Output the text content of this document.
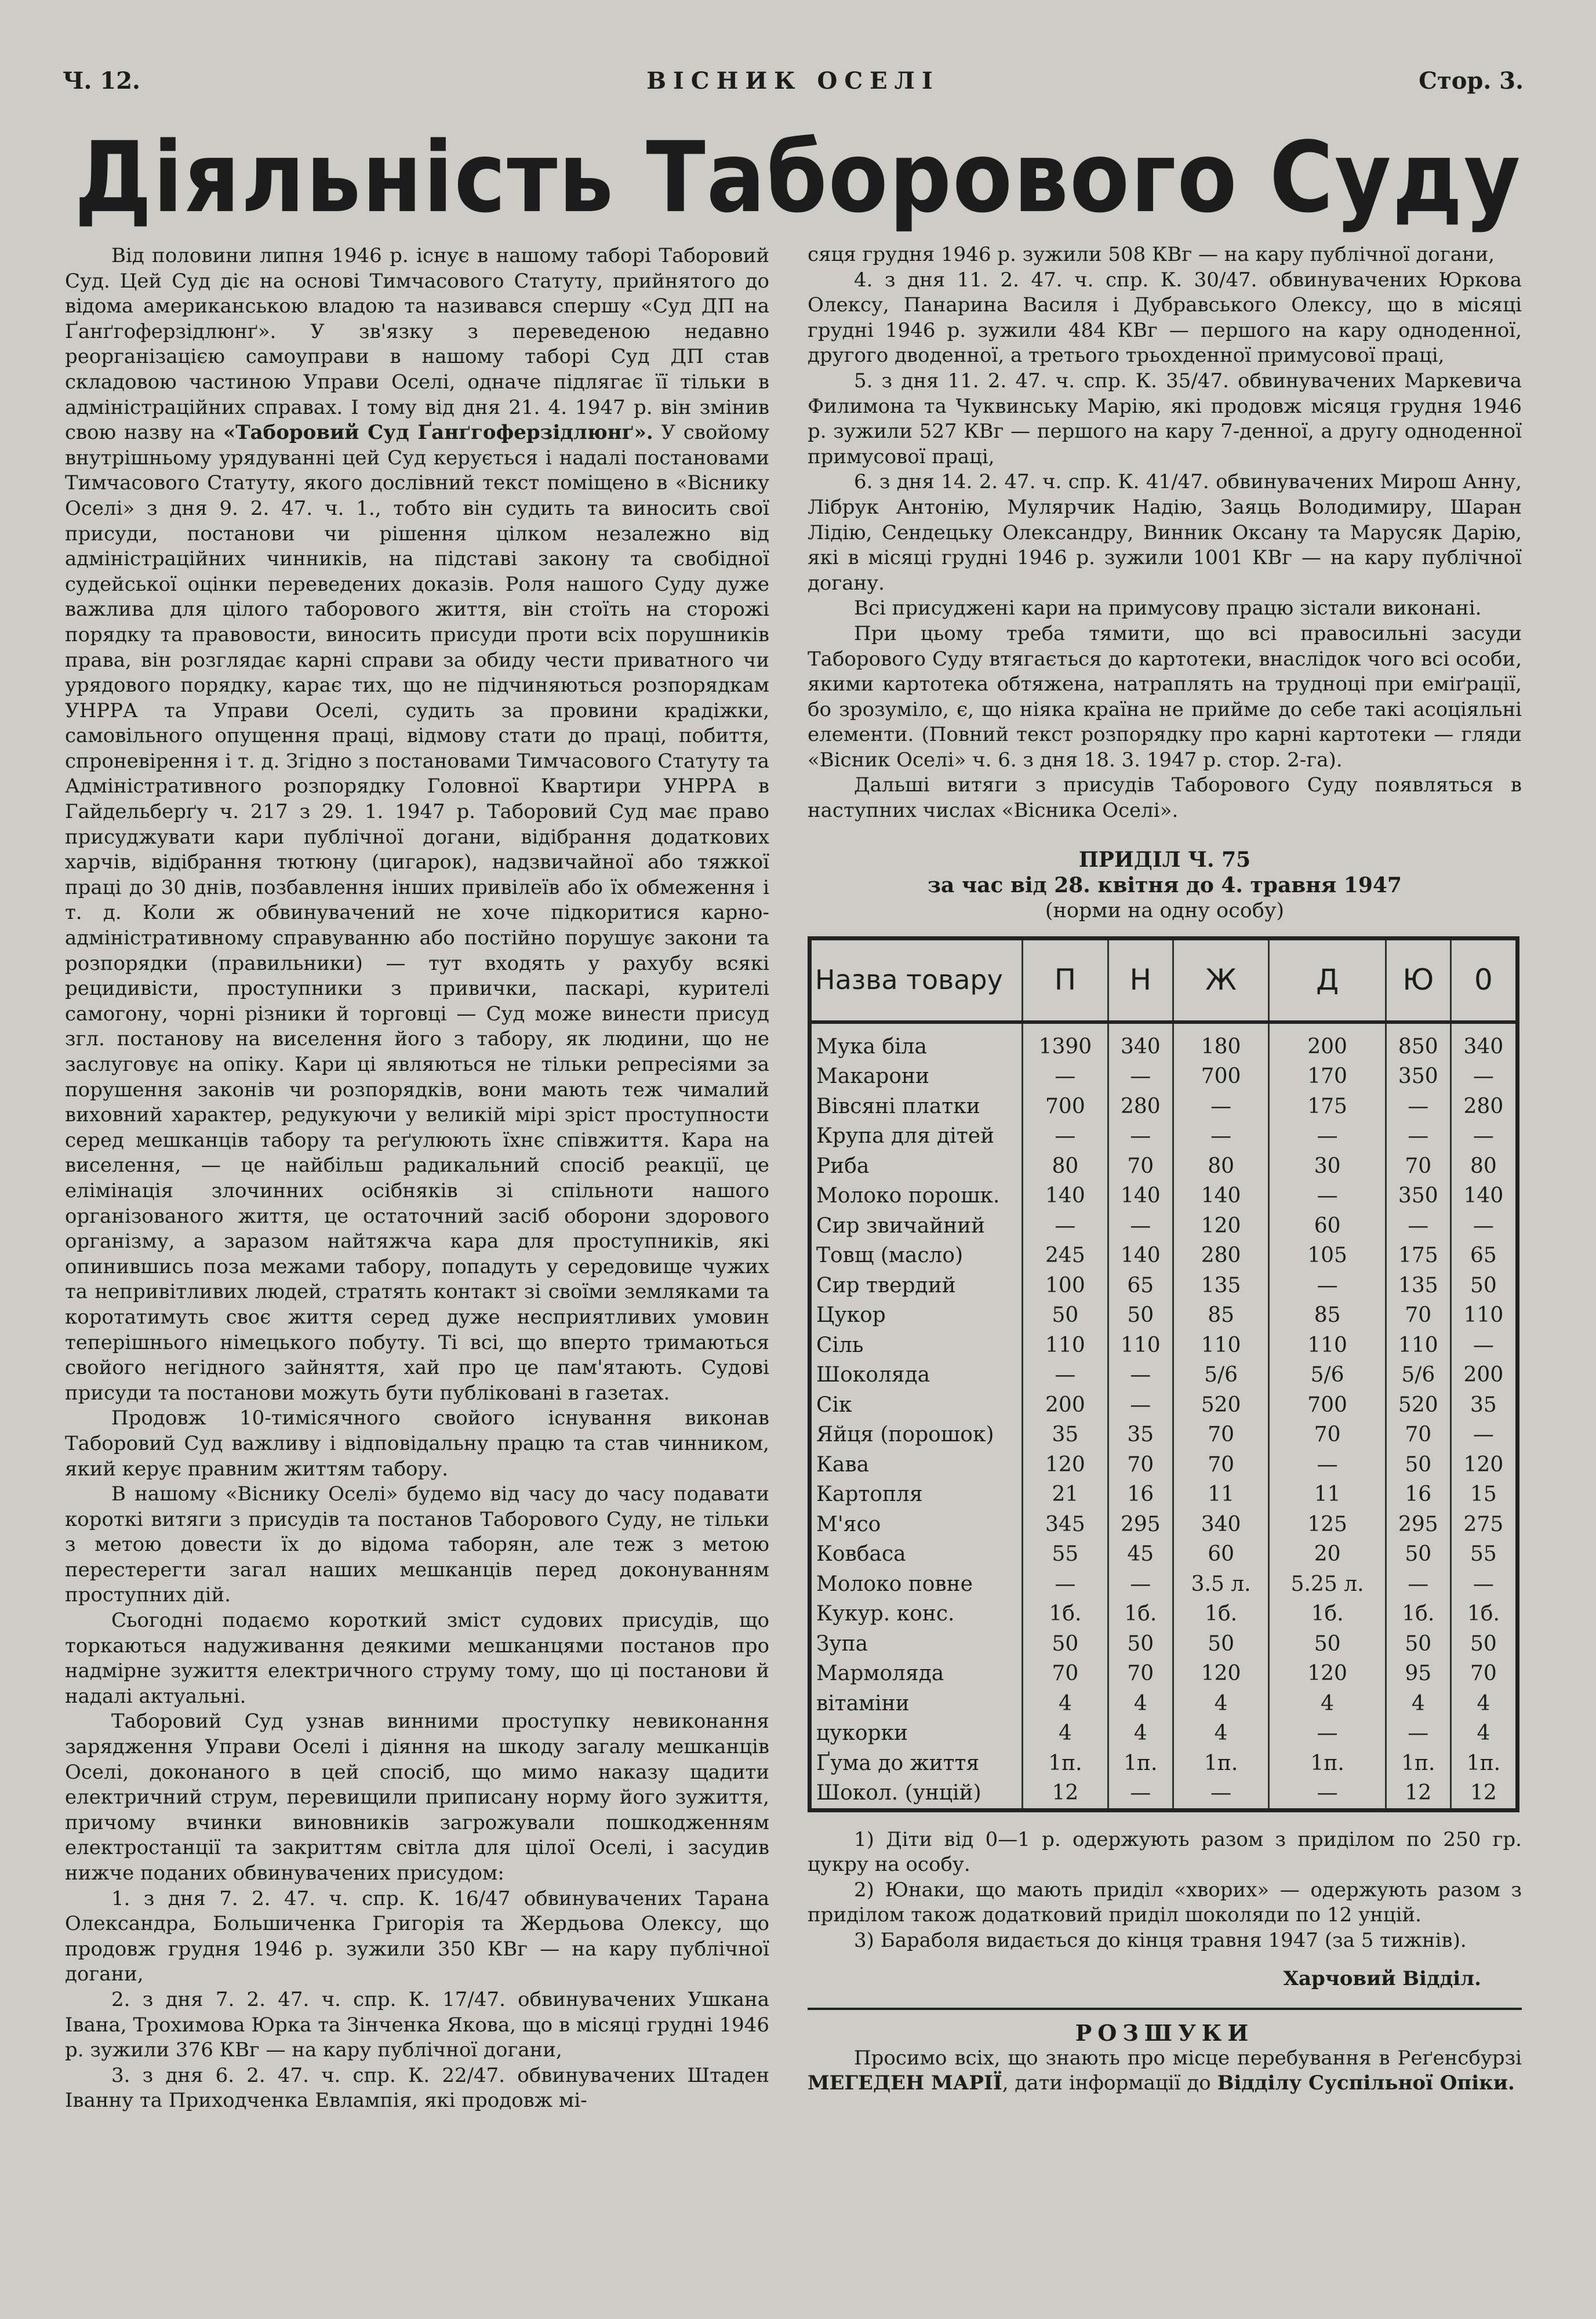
Ч. 12.	ВІСНИК ОСЕЛІ	Стор. 3.
Діяльність Таборового Суду

Від половини липня 1946 р. існує в нашому таборі Таборовий Суд. Цей Суд діє на основі Тимчасового Статуту, прийнятого до відома американською владою та називався спершу «Суд ДП на Ґанґгоферзідлюнґ». У зв'язку з переведеною недавно реорганізацією самоуправи в нашому таборі Суд ДП став складовою частиною Управи Оселі, одначе підлягає її тільки в адміністраційних справах. І тому від дня 21. 4. 1947 р. він змінив свою назву на «Таборовий Суд Ґанґгоферзідлюнґ». У свойому внутрішньому урядуванні цей Суд керується і надалі постановами Тимчасового Статуту, якого дослівний текст поміщено в «Віснику Оселі» з дня 9. 2. 47. ч. 1., тобто він судить та виносить свої присуди, постанови чи рішення цілком незалежно від адміністраційних чинників, на підставі закону та свобідної судейської оцінки переведених доказів. Роля нашого Суду дуже важлива для цілого таборового життя, він стоїть на сторожі порядку та правовости, виносить присуди проти всіх порушників права, він розглядає карні справи за обиду чести приватного чи урядового порядку, карає тих, що не підчиняються розпорядкам УНРРА та Управи Оселі, судить за провини крадіжки, самовільного опущення праці, відмову стати до праці, побиття, спроневірення і т. д. Згідно з постановами Тимчасового Статуту та Адміністративного розпорядку Головної Квартири УНРРА в Гайдельберґу ч. 217 з 29. 1. 1947 р. Таборовий Суд має право присуджувати кари публічної догани, відібрання додаткових харчів, відібрання тютюну (цигарок), надзвичайної або тяжкої праці до 30 днів, позбавлення інших привілеїв або їх обмеження і т. д. Коли ж обвинувачений не хоче підкоритися карно-адміністративному справуванню або постійно порушує закони та розпорядки (правильники) — тут входять у рахубу всякі рецидивісти, проступники з привички, паскарі, курителі самогону, чорні різники й торговці — Суд може винести присуд згл. постанову на виселення його з табору, як людини, що не заслуговує на опіку. Кари ці являються не тільки репресіями за порушення законів чи розпорядків, вони мають теж чималий виховний характер, редукуючи у великій мірі зріст проступности серед мешканців табору та реґулюють їхнє співжиття. Кара на виселення, — це найбільш радикальний спосіб реакції, це елімінація злочинних осібняків зі спільноти нашого організованого життя, це остаточний засіб оборони здорового організму, а заразом найтяжча кара для проступників, які опинившись поза межами табору, попадуть у середовище чужих та непривітливих людей, стратять контакт зі своїми земляками та коротатимуть своє життя серед дуже несприятливих умовин теперішнього німецького побуту. Ті всі, що вперто тримаються свойого негідного зайняття, хай про це пам'ятають. Судові присуди та постанови можуть бути публіковані в газетах.

Продовж 10-тимісячного свойого існування виконав Таборовий Суд важливу і відповідальну працю та став чинником, який керує правним життям табору.

В нашому «Віснику Оселі» будемо від часу до часу подавати короткі витяги з присудів та постанов Таборового Суду, не тільки з метою довести їх до відома таборян, але теж з метою перестерегти загал наших мешканців перед доконуванням проступних дій.

Сьогодні подаємо короткий зміст судових присудів, що торкаються надуживання деякими мешканцями постанов про надмірне зужиття електричного струму тому, що ці постанови й надалі актуальні.

Таборовий Суд узнав винними проступку невиконання зарядження Управи Оселі і діяння на шкоду загалу мешканців Оселі, доконаного в цей спосіб, що мимо наказу щадити електричний струм, перевищили приписану норму його зужиття, причому вчинки виновників загрожували пошкодженням електростанції та закриттям світла для цілої Оселі, і засудив нижче поданих обвинувачених присудом:

1. з дня 7. 2. 47. ч. спр. К. 16/47 обвинувачених Тарана Олександра, Большиченка Григорія та Жердьова Олексу, що продовж грудня 1946 р. зужили 350 КВг — на кару публічної догани,

2. з дня 7. 2. 47. ч. спр. К. 17/47. обвинувачених Ушкана Івана, Трохимова Юрка та Зінченка Якова, що в місяці грудні 1946 р. зужили 376 КВг — на кару публічної догани,

3. з дня 6. 2. 47. ч. спр. К. 22/47. обвинувачених Штаден Іванну та Приходченка Евлампія, які продовж мі-

сяця грудня 1946 р. зужили 508 КВг — на кару публічної догани,

4. з дня 11. 2. 47. ч. спр. К. 30/47. обвинувачених Юркова Олексу, Панарина Василя і Дубравського Олексу, що в місяці грудні 1946 р. зужили 484 КВг — першого на кару одноденної, другого дводенної, а третього трьохденної примусової праці,

5. з дня 11. 2. 47. ч. спр. К. 35/47. обвинувачених Маркевича Филимона та Чуквинську Марію, які продовж місяця грудня 1946 р. зужили 527 КВг — першого на кару 7-денної, а другу одноденної примусової праці,

6. з дня 14. 2. 47. ч. спр. К. 41/47. обвинувачених Мирош Анну, Лібрук Антонію, Мулярчик Надію, Заяць Володимиру, Шаран Лідію, Сендецьку Олександру, Винник Оксану та Марусяк Дарію, які в місяці грудні 1946 р. зужили 1001 КВг — на кару публічної догану.

Всі присуджені кари на примусову працю зістали виконані.

При цьому треба тямити, що всі правосильні засуди Таборового Суду втягається до картотеки, внаслідок чого всі особи, якими картотека обтяжена, натраплять на трудноці при еміґрації, бо зрозуміло, є, що ніяка країна не прийме до себе такі асоціяльні елементи. (Повний текст розпорядку про карні картотеки — гляди «Вісник Оселі» ч. 6. з дня 18. 3. 1947 р. стор. 2-га).

Дальші витяги з присудів Таборового Суду появляться в наступних числах «Вісника Оселі».

ПРИДІЛ Ч. 75
за час від 28. квітня до 4. травня 1947
(норми на одну особу)
Назва товару	П	Н	Ж	Д	Ю	0
Мука біла	1390	340	180	200	850	340
Макарони	—	—	700	170	350	—
Вівсяні платки	700	280	—	175	—	280
Крупа для дітей	—	—	—	—	—	—
Риба	80	70	80	30	70	80
Молоко порошк.	140	140	140	—	350	140
Сир звичайний	—	—	120	60	—	—
Товщ (масло)	245	140	280	105	175	65
Сир твердий	100	65	135	—	135	50
Цукор	50	50	85	85	70	110
Сіль	110	110	110	110	110	—
Шоколяда	—	—	5/6	5/6	5/6	200
Сік	200	—	520	700	520	35
Яйця (порошок)	35	35	70	70	70	—
Кава	120	70	70	—	50	120
Картопля	21	16	11	11	16	15
М'ясо	345	295	340	125	295	275
Ковбаса	55	45	60	20	50	55
Молоко повне	—	—	3.5 л.	5.25 л.	—	—
Кукур. конс.	1б.	1б.	1б.	1б.	1б.	1б.
Зупа	50	50	50	50	50	50
Мармоляда	70	70	120	120	95	70
вітаміни	4	4	4	4	4	4
цукорки	4	4	4	—	—	4
Ґума до життя	1п.	1п.	1п.	1п.	1п.	1п.
Шокол. (унцій)	12	—	—	—	12	12

1) Діти від 0—1 р. одержують разом з приділом по 250 гр. цукру на особу.

2) Юнаки, що мають придiл «хворих» — одержують разом з приділом також додатковий приділ шоколяди по 12 унцій.

3) Бараболя видається до кінця травня 1947 (за 5 тижнів).

Харчовий Відділ.
РОЗШУКИ

Просимо всіх, що знають про місце перебування в Реґенсбурзі МЕГЕДЕН МАРІЇ, дати інформації до Відділу Суспільної Опіки.
